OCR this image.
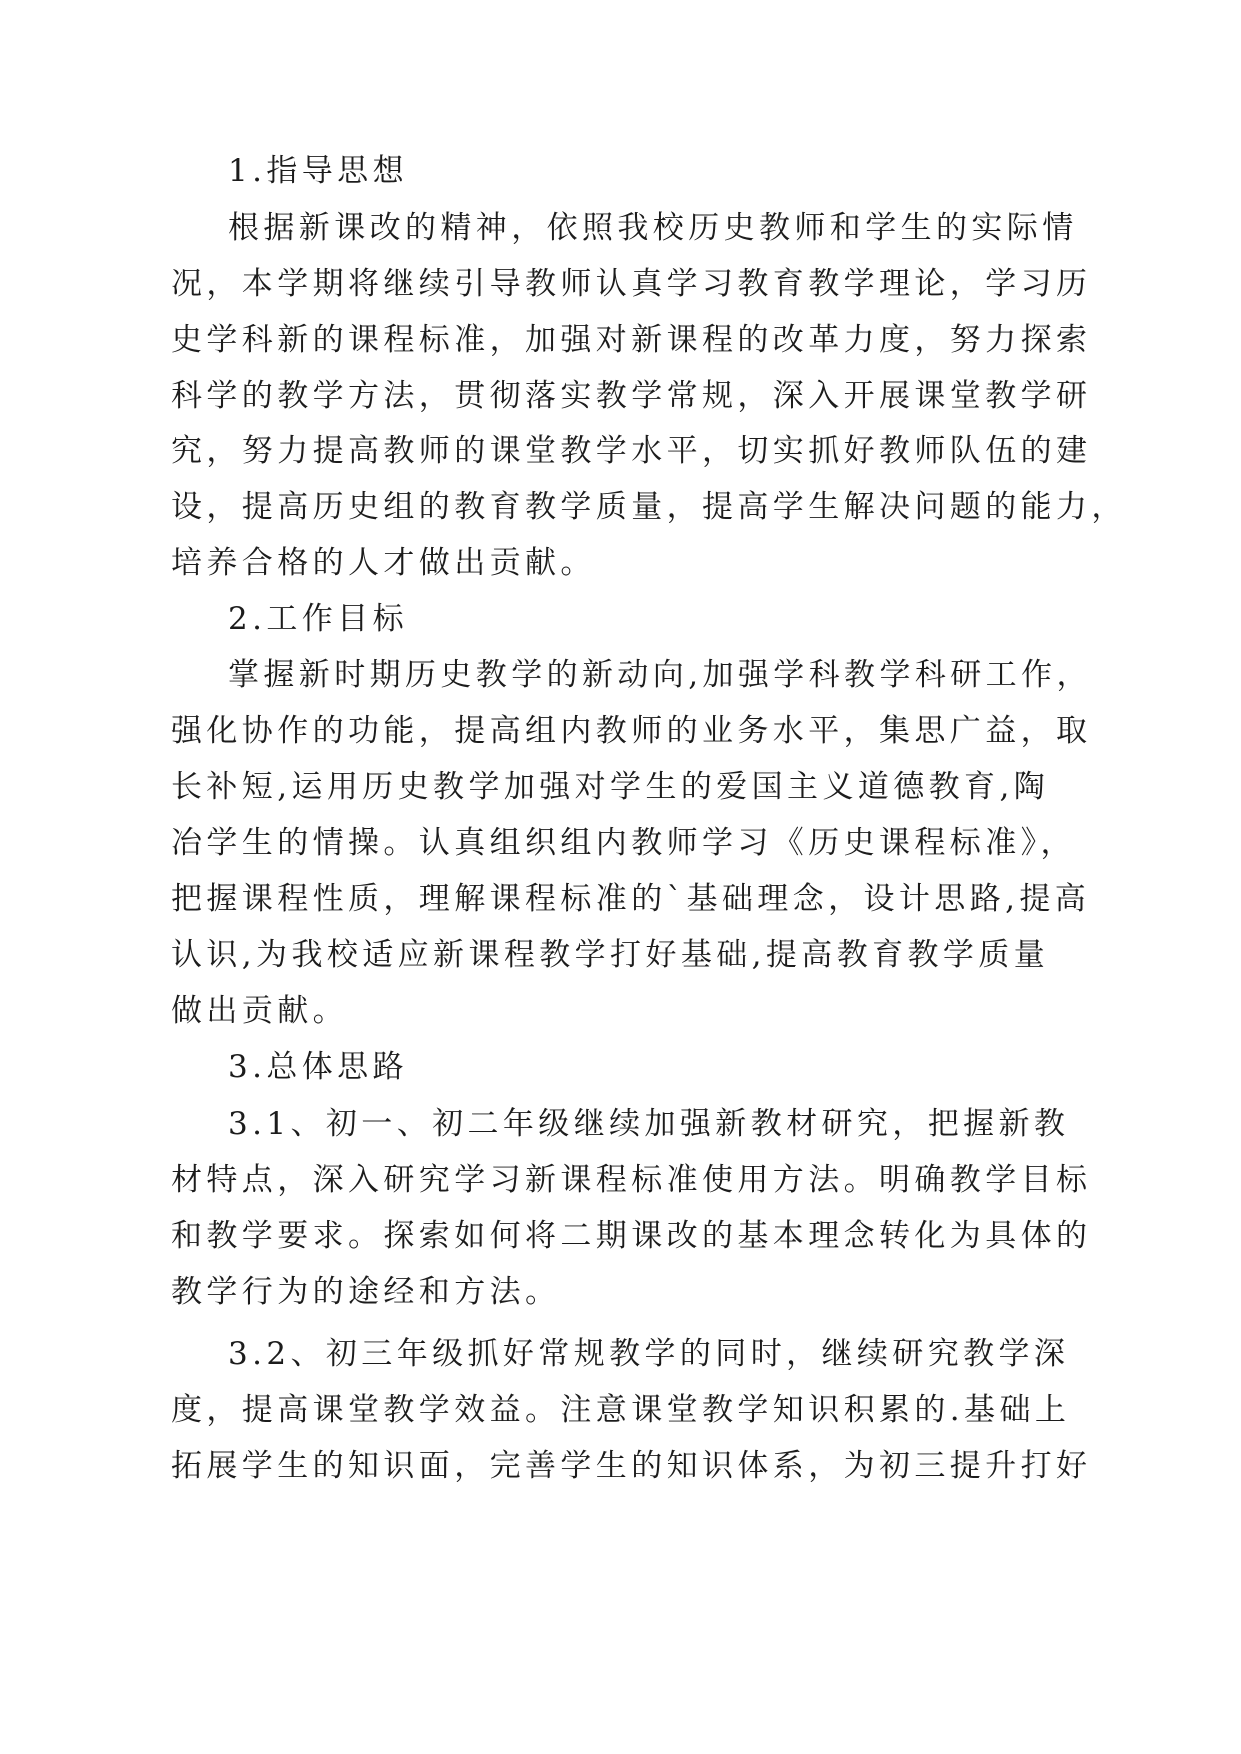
1.指导思想
根据新课改的精神，依照我校历史教师和学生的实际情
况，本学期将继续引导教师认真学习教育教学理论，学习历
史学科新的课程标准，加强对新课程的改革力度，努力探索
科学的教学方法，贯彻落实教学常规，深入开展课堂教学研
究，努力提高教师的课堂教学水平，切实抓好教师队伍的建
设，提高历史组的教育教学质量，提高学生解决问题的能力，
培养合格的人才做出贡献。
2.工作目标
掌握新时期历史教学的新动向,加强学科教学科研工作，
强化协作的功能，提高组内教师的业务水平，集思广益，取
长补短,运用历史教学加强对学生的爱国主义道德教育,陶
冶学生的情操。认真组织组内教师学习《历史课程标准》，
把握课程性质，理解课程标准的`基础理念，设计思路,提高
认识,为我校适应新课程教学打好基础,提高教育教学质量
做出贡献。
3.总体思路
3.1、初一、初二年级继续加强新教材研究，把握新教
材特点，深入研究学习新课程标准使用方法。明确教学目标
和教学要求。探索如何将二期课改的基本理念转化为具体的
教学行为的途经和方法。
3.2、初三年级抓好常规教学的同时，继续研究教学深
度，提高课堂教学效益。注意课堂教学知识积累的.基础上
拓展学生的知识面，完善学生的知识体系，为初三提升打好
